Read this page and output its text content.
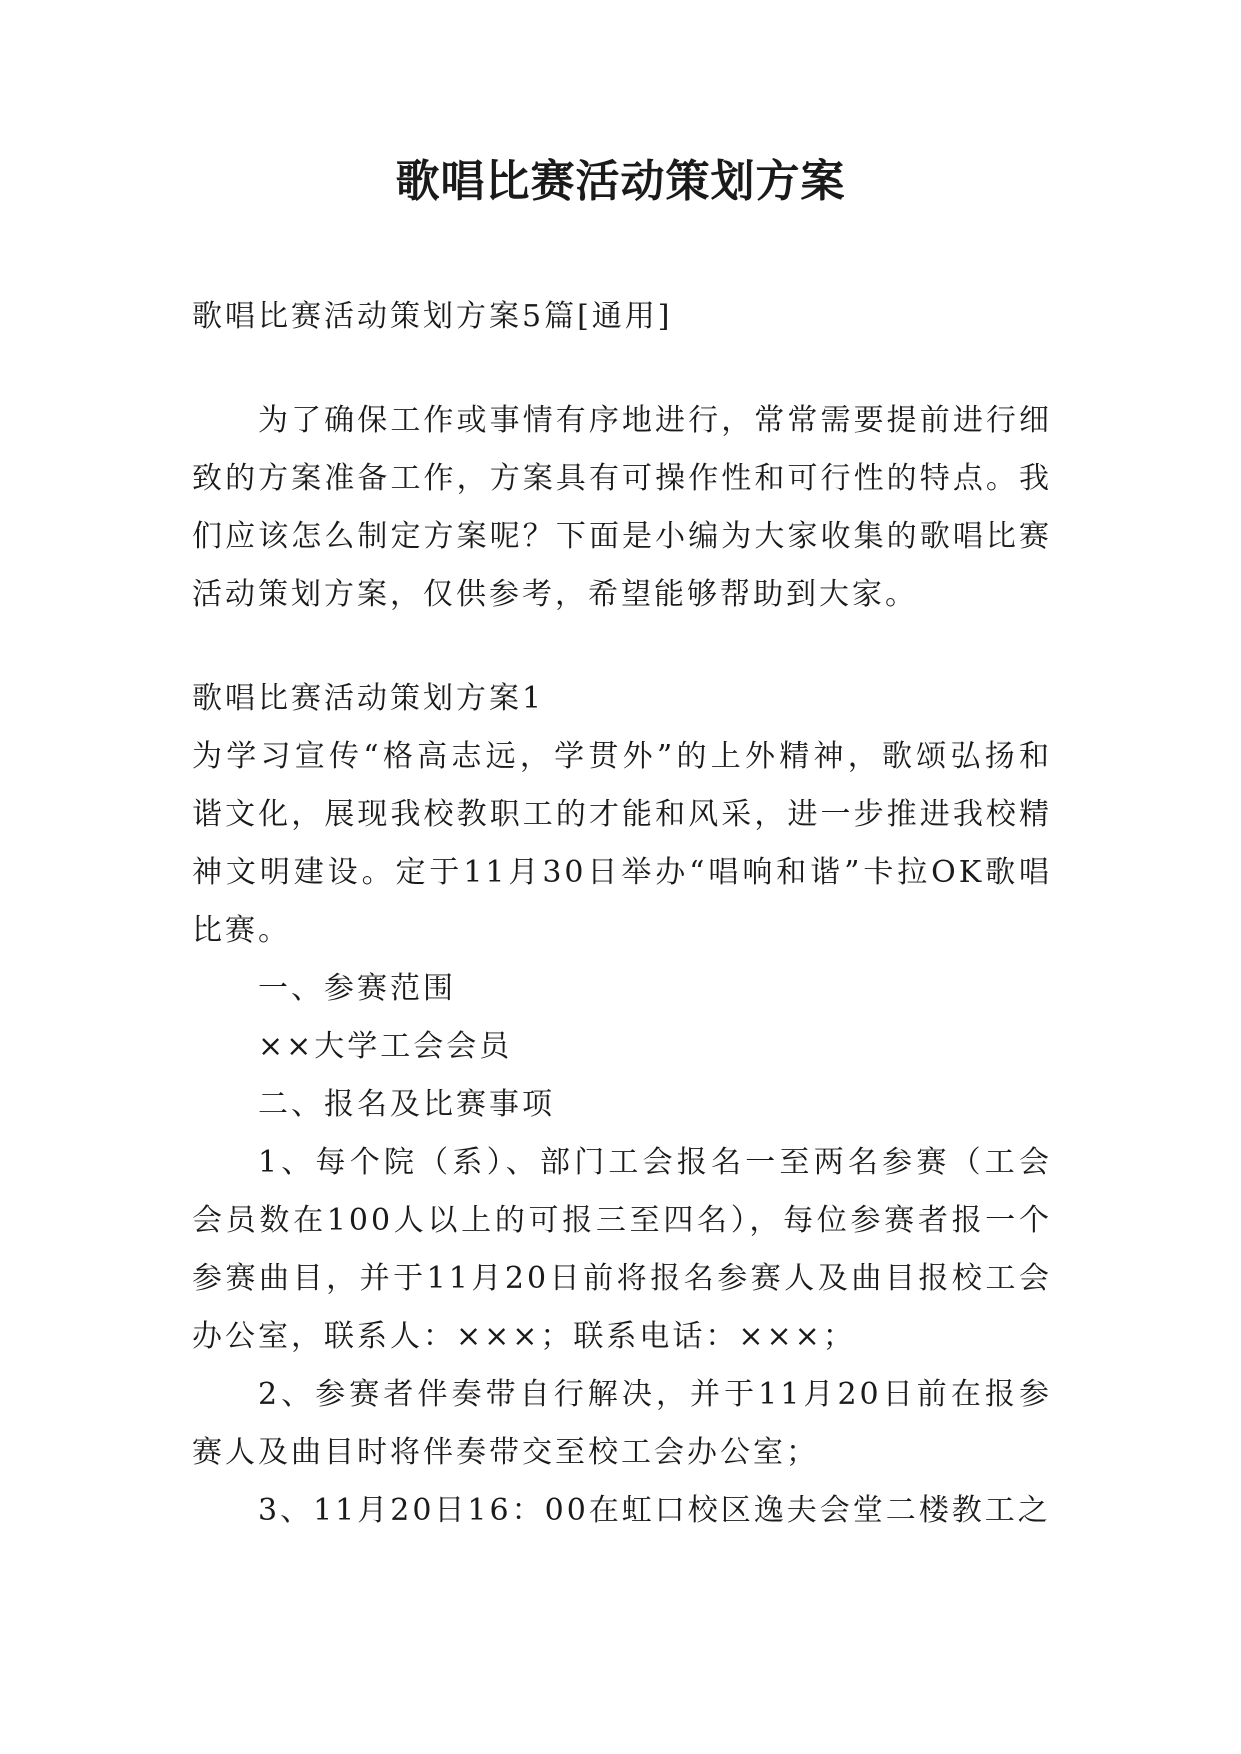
歌唱比赛活动策划方案

歌唱比赛活动策划方案5篇[通用]

为了确保工作或事情有序地进行，常常需要提前进行细致的方案准备工作，方案具有可操作性和可行性的特点。我们应该怎么制定方案呢？下面是小编为大家收集的歌唱比赛活动策划方案，仅供参考，希望能够帮助到大家。

歌唱比赛活动策划方案1

为学习宣传“格高志远，学贯外”的上外精神，歌颂弘扬和谐文化，展现我校教职工的才能和风采，进一步推进我校精神文明建设。定于11月30日举办“唱响和谐”卡拉OK歌唱比赛。

一、参赛范围

××大学工会会员

二、报名及比赛事项

1、每个院（系）、部门工会报名一至两名参赛（工会会员数在100人以上的可报三至四名），每位参赛者报一个参赛曲目，并于11月20日前将报名参赛人及曲目报校工会办公室，联系人：×××；联系电话：×××；

2、参赛者伴奏带自行解决，并于11月20日前在报参赛人及曲目时将伴奏带交至校工会办公室；

3、11月20日16：00在虹口校区逸夫会堂二楼教工之
